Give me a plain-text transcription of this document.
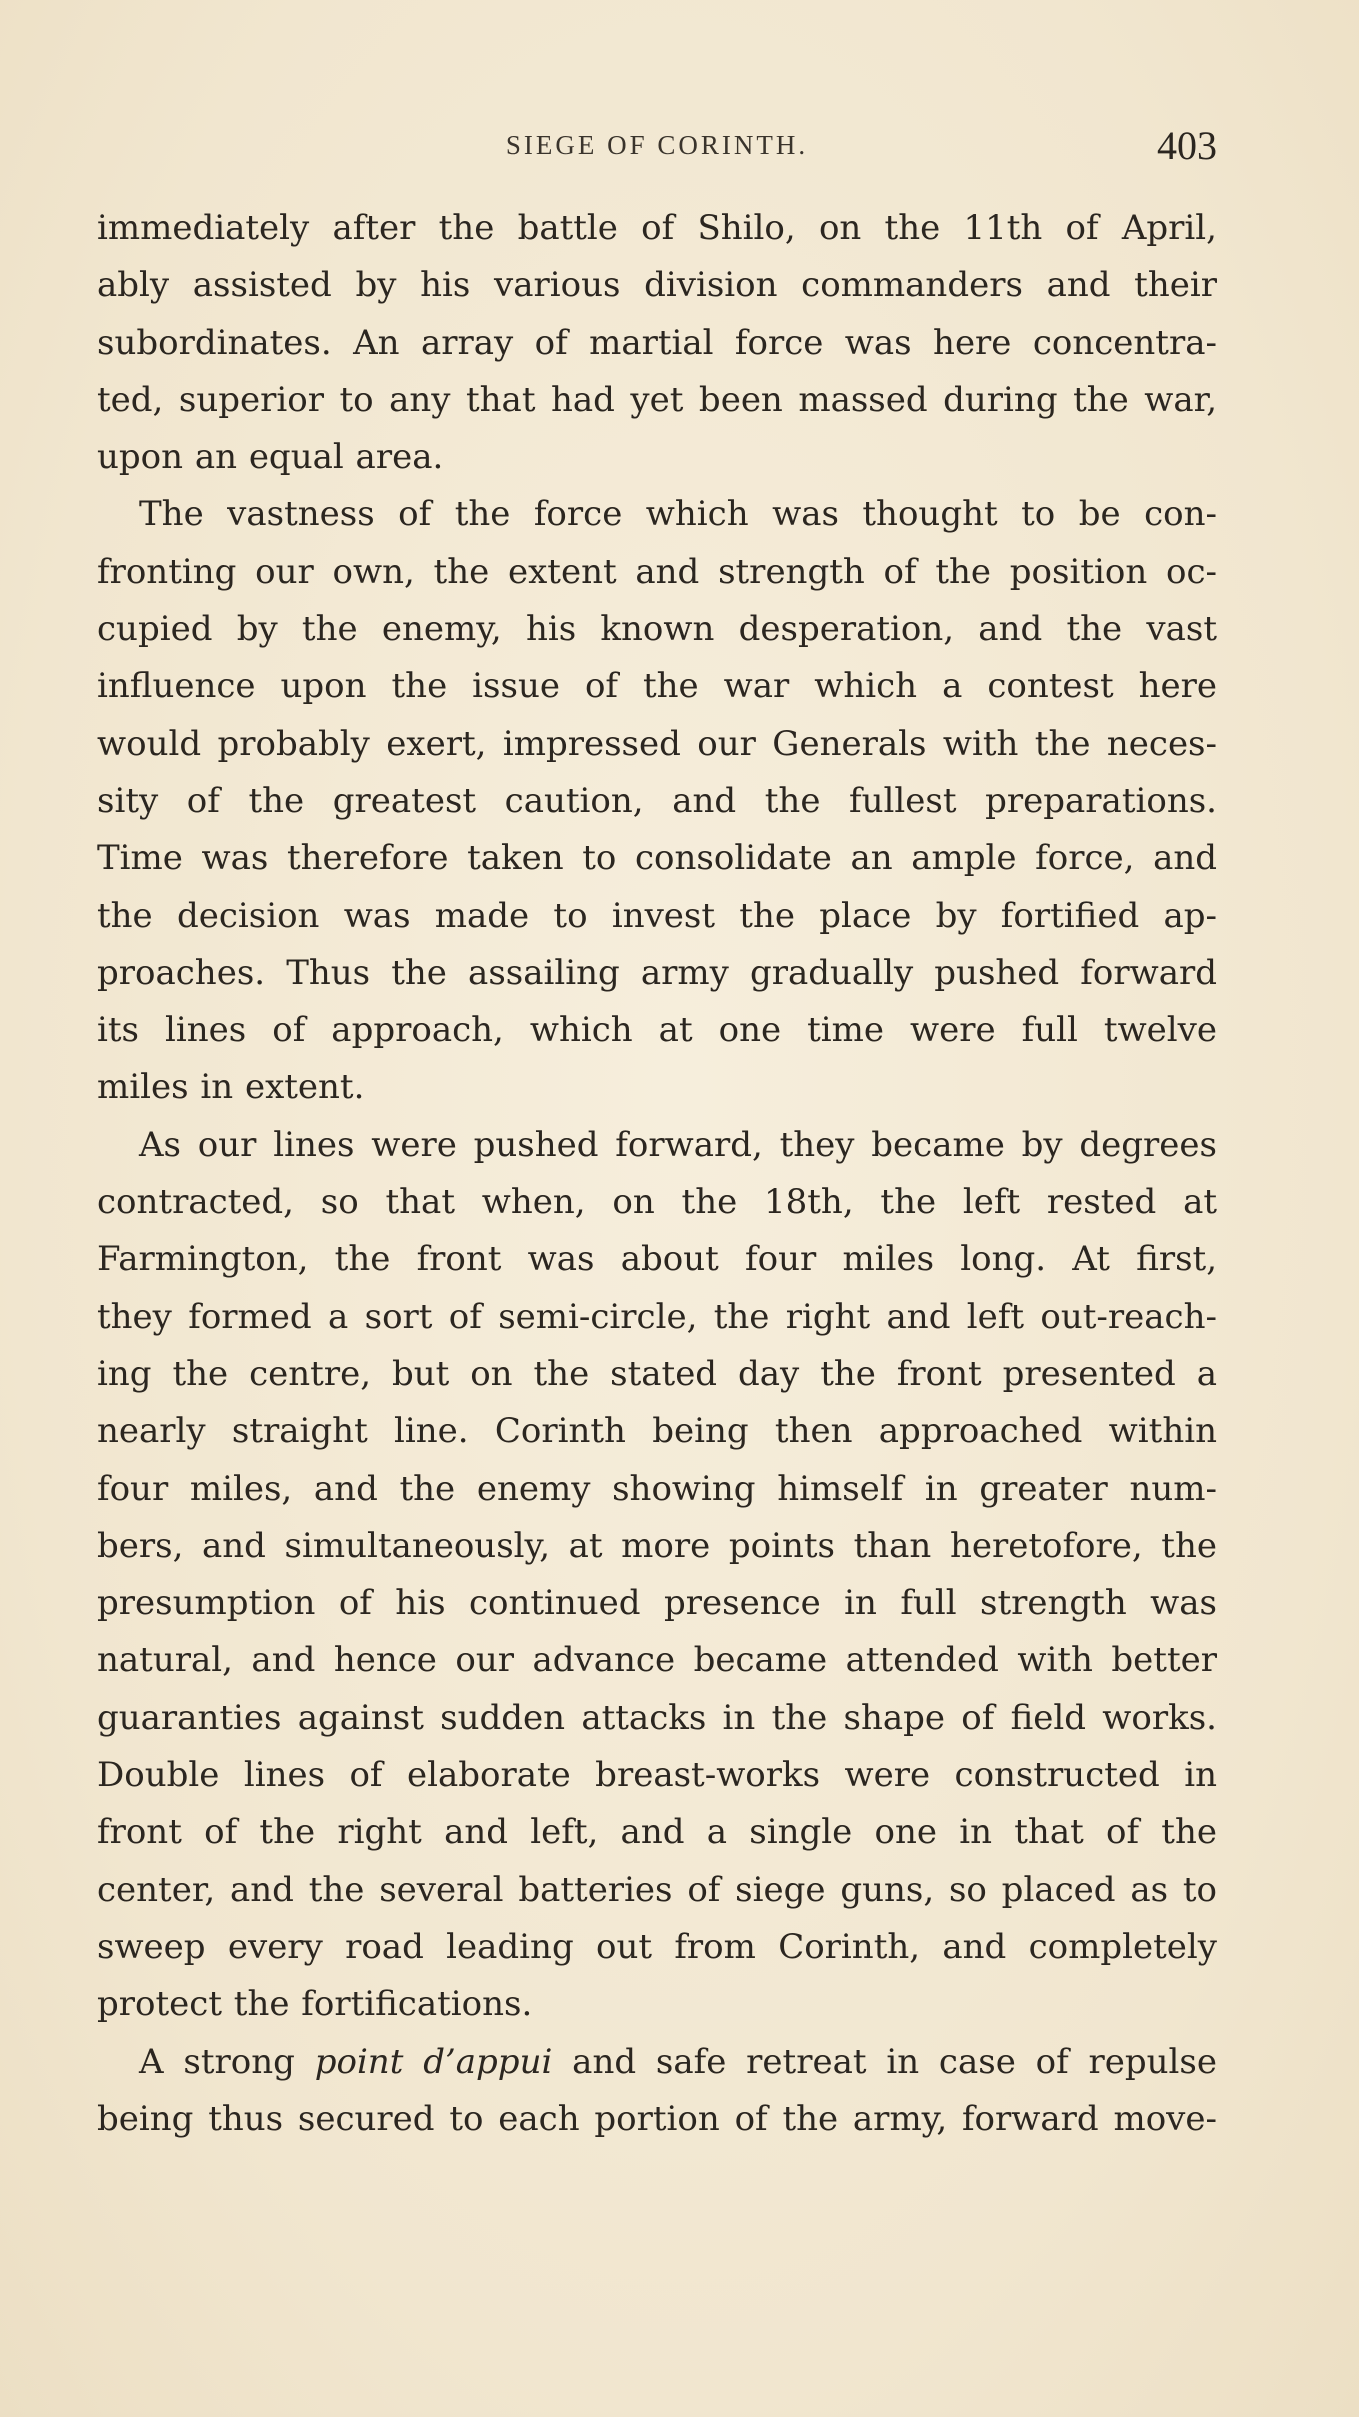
SIEGE OF CORINTH.	403

immediately after the battle of Shilo, on the 11th of April,
ably assisted by his various division commanders and their
subordinates. An array of martial force was here concentra-
ted, superior to any that had yet been massed during the war,
upon an equal area.

The vastness of the force which was thought to be con-
fronting our own, the extent and strength of the position oc-
cupied by the enemy, his known desperation, and the vast
influence upon the issue of the war which a contest here
would probably exert, impressed our Generals with the neces-
sity of the greatest caution, and the fullest preparations.
Time was therefore taken to consolidate an ample force, and
the decision was made to invest the place by fortified ap-
proaches. Thus the assailing army gradually pushed forward
its lines of approach, which at one time were full twelve
miles in extent.

As our lines were pushed forward, they became by degrees
contracted, so that when, on the 18th, the left rested at
Farmington, the front was about four miles long. At first,
they formed a sort of semi-circle, the right and left out-reach-
ing the centre, but on the stated day the front presented a
nearly straight line. Corinth being then approached within
four miles, and the enemy showing himself in greater num-
bers, and simultaneously, at more points than heretofore, the
presumption of his continued presence in full strength was
natural, and hence our advance became attended with better
guaranties against sudden attacks in the shape of field works.
Double lines of elaborate breast-works were constructed in
front of the right and left, and a single one in that of the
center, and the several batteries of siege guns, so placed as to
sweep every road leading out from Corinth, and completely
protect the fortifications.

A strong point d’appui and safe retreat in case of repulse
being thus secured to each portion of the army, forward move-
